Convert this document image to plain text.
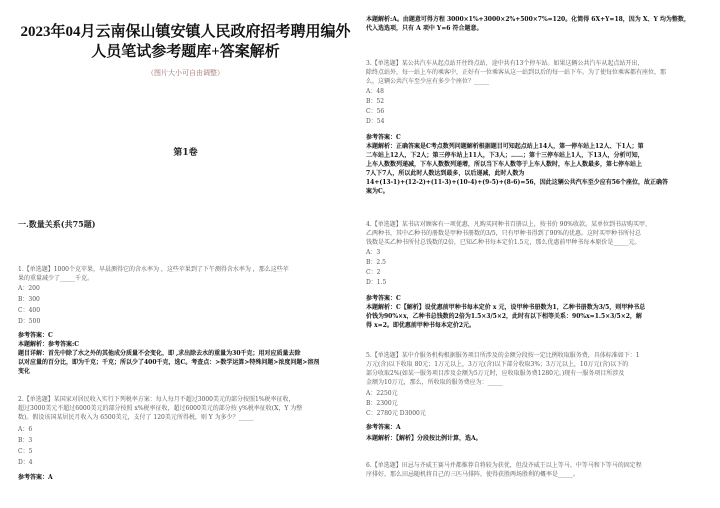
2023年04月云南保山镇安镇人民政府招考聘用编外
人员笔试参考题库+答案解析
（图片大小可自由调整）
第1卷
一.数量关系(共75题)
1.【单选题】1000个克苹果，早晨测得它的含水率为 ，这些苹果到了下午测得含水率为 ，那么这些苹
果的重量减少了_____千克。
A：200
B：300
C：400
D：500
参考答案：C
本题解析：参考答案:C
题目详解：首先中除了水之外的其他成分质量不会变化，即 ,求出除去水的重量为30千克；用对应质量去除
以对应量的百分比，即为千克；千克；所以少了400千克，选C。考查点：>数学运算>特殊问题>浓度问题>溶剂
变化
2.【单选题】某国家对居民收入实行下列税率方案：每人每月不超过3000美元的部分按照1%税率征收，
超过3000美元不超过6000美元的部分按照 x%税率征收，超过6000美元的部分按 y%税率征收(X，Y 为整
数)。假设该国某居民月收入为 6500美元，支付了 120美元所得税，则 Y 为多少？_____
A：6
B：3
C：5
D：4
参考答案：A
本题解析:A。由题意可得方程 3000×1%+3000×2%+500×7%=120。化简得 6X+Y=18，因为 X、Y 均为整数，
代入选选项，只有 A 项中 Y=6 符合题意。
3.【单选题】某公共汽车从起点站开往终点站，途中共有13个停车站。如果这辆公共汽车从起点站开出，
除终点站外，每一站上车的乘客中，正好有一位乘客从这一站到以后的每一站下车。为了使每位乘客都有座位，那
么，这辆公共汽车至少应有多少个座位？_____
A：48
B：52
C：56
D：54
参考答案：C
本题解析：正确答案是C考点数列问题解析根据题目可知起点站上14人，第一停车站上12人、下1人；第
二车站上12人，下2人；第三停车站上11人，下3人；……；第十三停车站上1人，下13人，分析可知，
上车人数数列递减，下车人数数列递增，所以当下车人数等于上车人数时，车上人数最多，第七停车站上
7人下7人，所以此时人数达到最多，以后递减，此时人数为
14+(13-1)+(12-2)+(11-3)+(10-4)+(9-5)+(8-6)=56，因此这辆公共汽车至少应有56个座位，故正确答
案为C。
4.【单选题】某书店对顾客有一项优惠，凡购买同种书百册以上，按书价 90%收款。某单位到书店购买甲、
乙两种书，其中乙种书的册数是甲种书册数的3/5，只有甲种书得到了90%的优惠。这时买甲种书所付总
钱数是买乙种书所付总钱数的2倍，已知乙种书每本定价1.5元，那么优惠前甲种书每本原价是_____元。
A：3
B：2.5
C：2
D：1.5
参考答案：C
本题解析：C【解析】设优惠前甲种书每本定价 x 元，设甲种书册数为1，乙种书册数为3/5，则甲种书总
价钱为90%×x，乙种书总钱数的2倍为1.5×3/5×2，此时有以下相等关系：90%x=1.5×3/5×2，解
得 x=2。即优惠前甲种书每本定价2元。
5.【单选题】某中介服务机构根据服务项目所涉及的金额分段按一定比例收取服务费，具体标准如下：1
万元(含)以下收取 80元；1万元以上，3万元(含)以下部分收取3%；3万元以上，10万元(含)以下的
部分收取2%(如某一服务项目涉及金额为5万元时，应收取服务费1280元。)现有一服务项目所涉及
金额为10万元，那么，所收取的服务费应为：_____
A：2250元
B：2300元
C：2780元 D3000元
参考答案：A
本题解析：【解析】分段按比例计算，选A。
6.【单选题】田忌与齐威王赛马并都推荐自将较为获优，但没齐威王以上等马、中等马和下等马的固定程
序排好，那么田忌随机将自己的三匹马排阵，使得获胜两场胜利的概率是_____。
